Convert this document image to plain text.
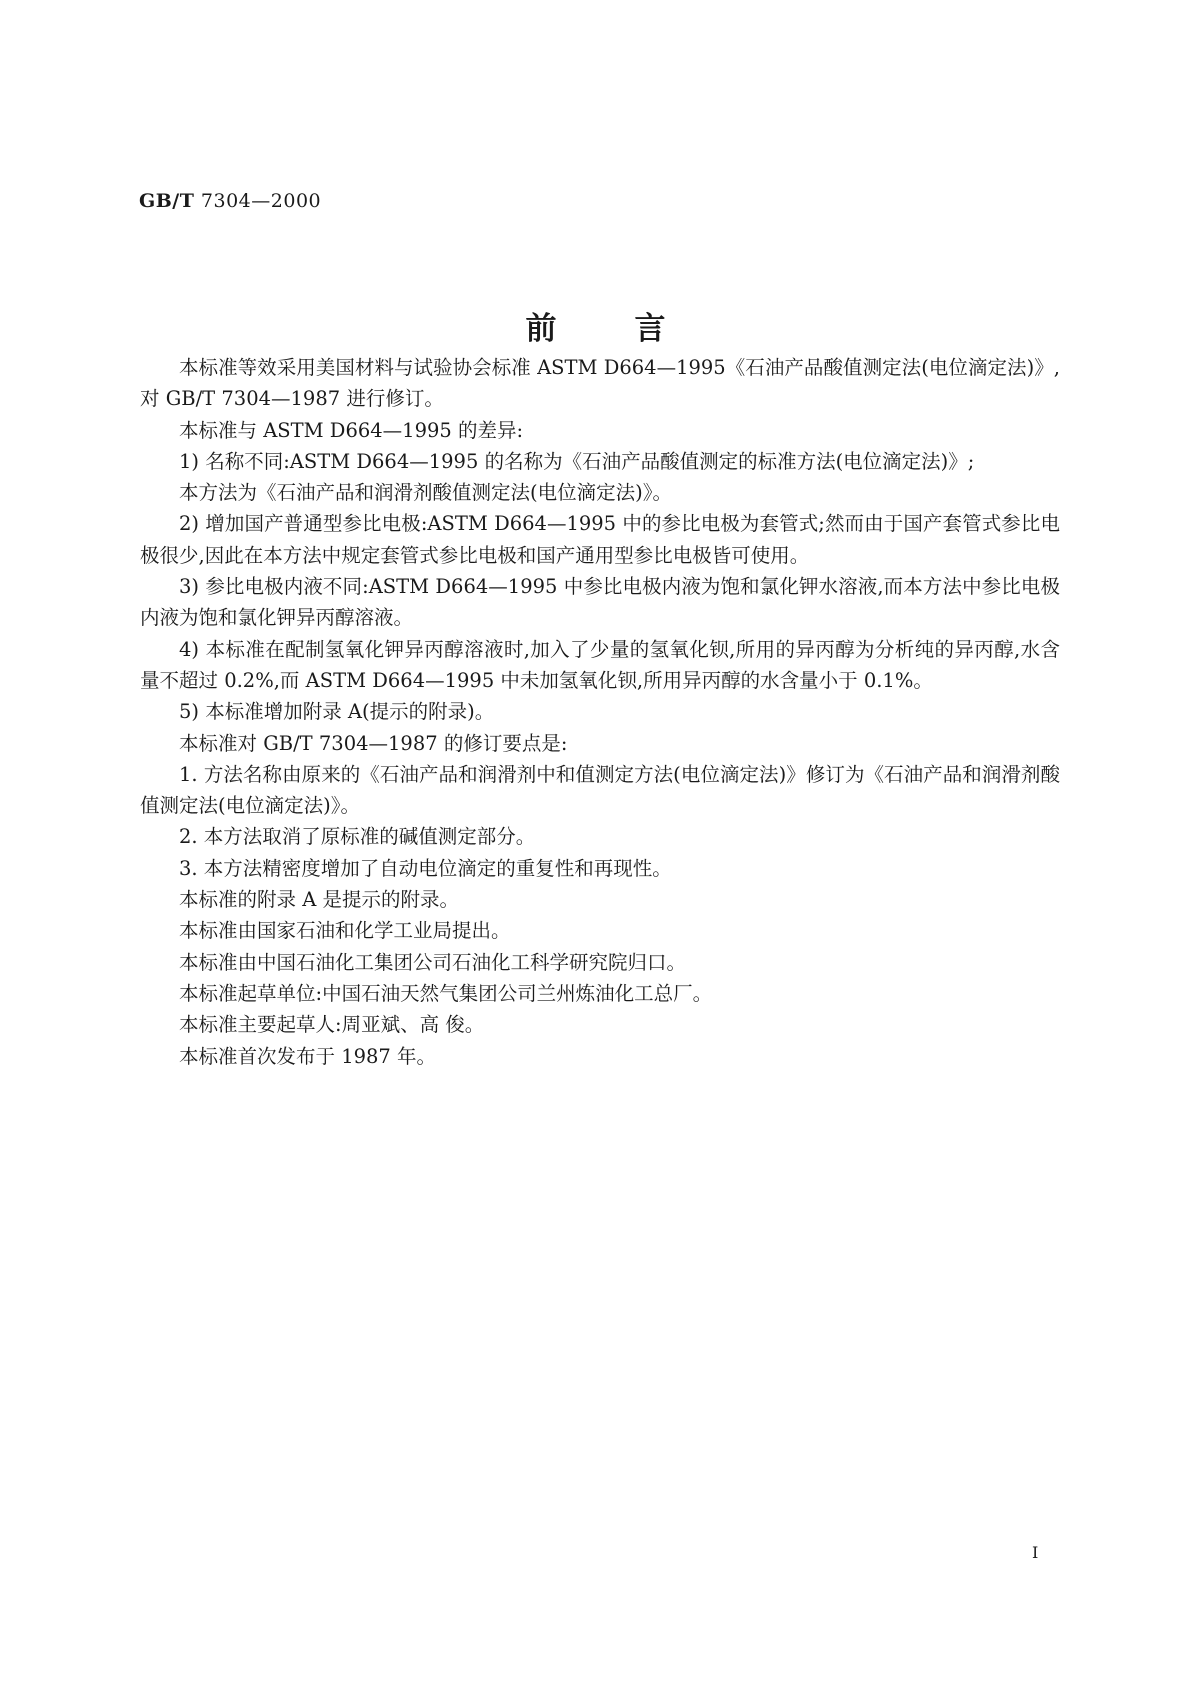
GB/T 7304—2000
前言

本标准等效采用美国材料与试验协会标准 ASTM D664—1995《石油产品酸值测定法(电位滴定法)》,对 GB/T 7304—1987 进行修订。

本标准与 ASTM D664—1995 的差异:

1) 名称不同:ASTM D664—1995 的名称为《石油产品酸值测定的标准方法(电位滴定法)》;

本方法为《石油产品和润滑剂酸值测定法(电位滴定法)》。

2) 增加国产普通型参比电极:ASTM D664—1995 中的参比电极为套管式;然而由于国产套管式参比电极很少,因此在本方法中规定套管式参比电极和国产通用型参比电极皆可使用。

3) 参比电极内液不同:ASTM D664—1995 中参比电极内液为饱和氯化钾水溶液,而本方法中参比电极内液为饱和氯化钾异丙醇溶液。

4) 本标准在配制氢氧化钾异丙醇溶液时,加入了少量的氢氧化钡,所用的异丙醇为分析纯的异丙醇,水含量不超过 0.2%,而 ASTM D664—1995 中未加氢氧化钡,所用异丙醇的水含量小于 0.1%。

5) 本标准增加附录 A(提示的附录)。

本标准对 GB/T 7304—1987 的修订要点是:

1. 方法名称由原来的《石油产品和润滑剂中和值测定方法(电位滴定法)》修订为《石油产品和润滑剂酸值测定法(电位滴定法)》。

2. 本方法取消了原标准的碱值测定部分。

3. 本方法精密度增加了自动电位滴定的重复性和再现性。

本标准的附录 A 是提示的附录。

本标准由国家石油和化学工业局提出。

本标准由中国石油化工集团公司石油化工科学研究院归口。

本标准起草单位:中国石油天然气集团公司兰州炼油化工总厂。

本标准主要起草人:周亚斌、高 俊。

本标准首次发布于 1987 年。

I
